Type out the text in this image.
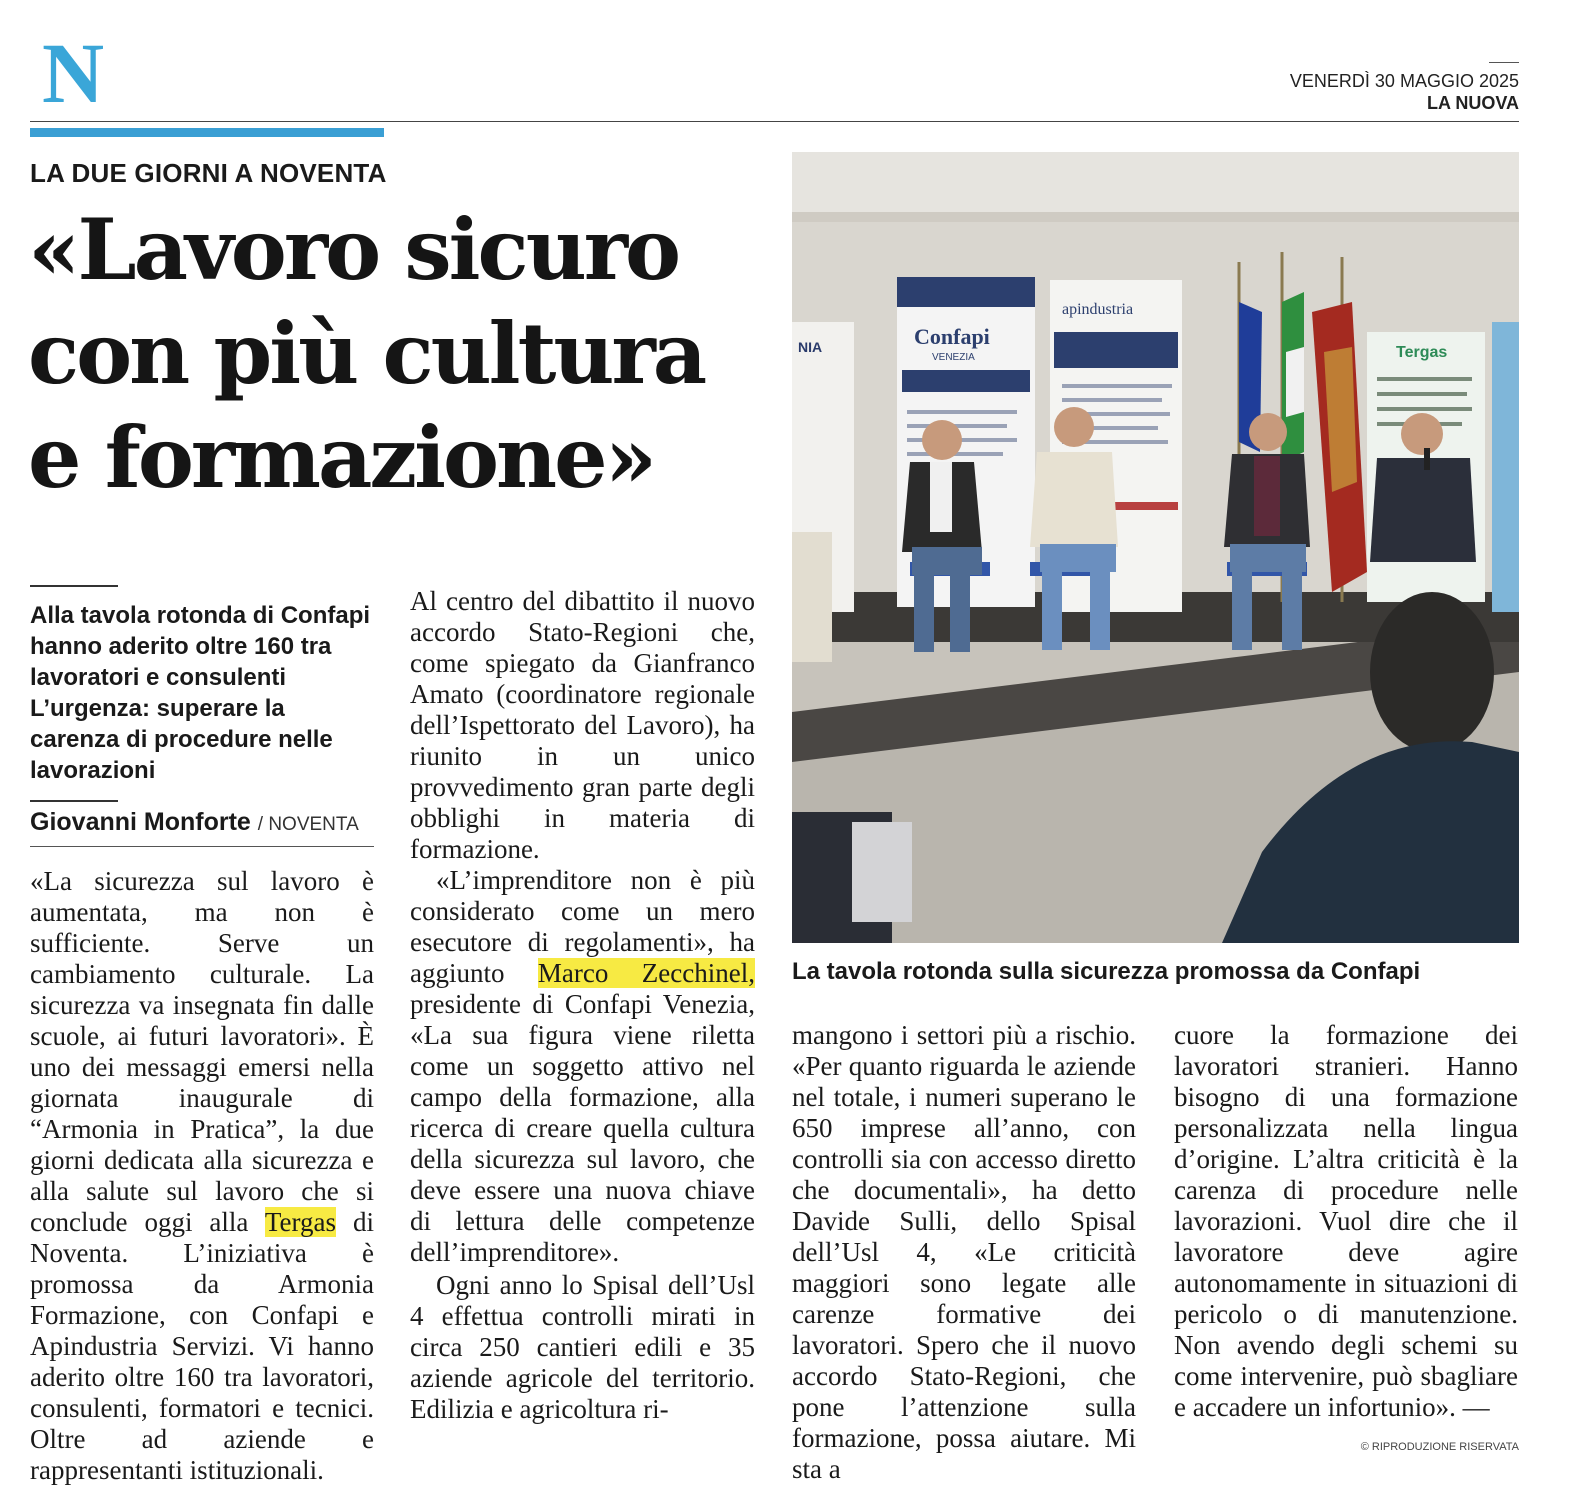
N	VENERDÌ 30 MAGGIO 2025
LA NUOVA
LA DUE GIORNI A NOVENTA
«Lavoro sicuro con più cultura e formazione»
Alla tavola rotonda di Confapi hanno aderito oltre 160 tra lavoratori e consulenti L’urgenza: superare la carenza di procedure nelle lavorazioni
Giovanni Monforte / NOVENTA

«La sicurezza sul lavoro è aumentata, ma non è sufficiente. Serve un cambiamento culturale. La sicurezza va insegnata fin dalle scuole, ai futuri lavoratori». È uno dei messaggi emersi nella giornata inaugurale di “Armonia in Pratica”, la due giorni dedicata alla sicurezza e alla salute sul lavoro che si conclude oggi alla Tergas di Noventa. L’iniziativa è promossa da Armonia Formazione, con Confapi e Apindustria Servizi. Vi hanno aderito oltre 160 tra lavoratori, consulenti, formatori e tecnici. Oltre ad aziende e rappresentanti istituzionali.

Al centro del dibattito il nuovo accordo Stato-Regioni che, come spiegato da Gianfranco Amato (coordinatore regionale dell’Ispettorato del Lavoro), ha riunito in un unico provvedimento gran parte degli obblighi in materia di formazione.

«L’imprenditore non è più considerato come un mero esecutore di regolamenti», ha aggiunto Marco Zecchinel, presidente di Confapi Venezia, «La sua figura viene riletta come un soggetto attivo nel campo della formazione, alla ricerca di creare quella cultura della sicurezza sul lavoro, che deve essere una nuova chiave di lettura delle competenze dell’imprenditore».

Ogni anno lo Spisal dell’Usl 4 effettua controlli mirati in circa 250 cantieri edili e 35 aziende agricole del territorio. Edilizia e agricoltura ri-

NIA	Confapi
VENEZIA
apindustria
Tergas
La tavola rotonda sulla sicurezza promossa da Confapi

mangono i settori più a rischio. «Per quanto riguarda le aziende nel totale, i numeri superano le 650 imprese all’anno, con controlli sia con accesso diretto che documentali», ha detto Davide Sulli, dello Spisal dell’Usl 4, «Le criticità maggiori sono legate alle carenze formative dei lavoratori. Spero che il nuovo accordo Stato-Regioni, che pone l’attenzione sulla formazione, possa aiutare. Mi sta a

cuore la formazione dei lavoratori stranieri. Hanno bisogno di una formazione personalizzata nella lingua d’origine. L’altra criticità è la carenza di procedure nelle lavorazioni. Vuol dire che il lavoratore deve agire autonomamente in situazioni di pericolo o di manutenzione. Non avendo degli schemi su come intervenire, può sbagliare e accadere un infortunio». —

© RIPRODUZIONE RISERVATA
